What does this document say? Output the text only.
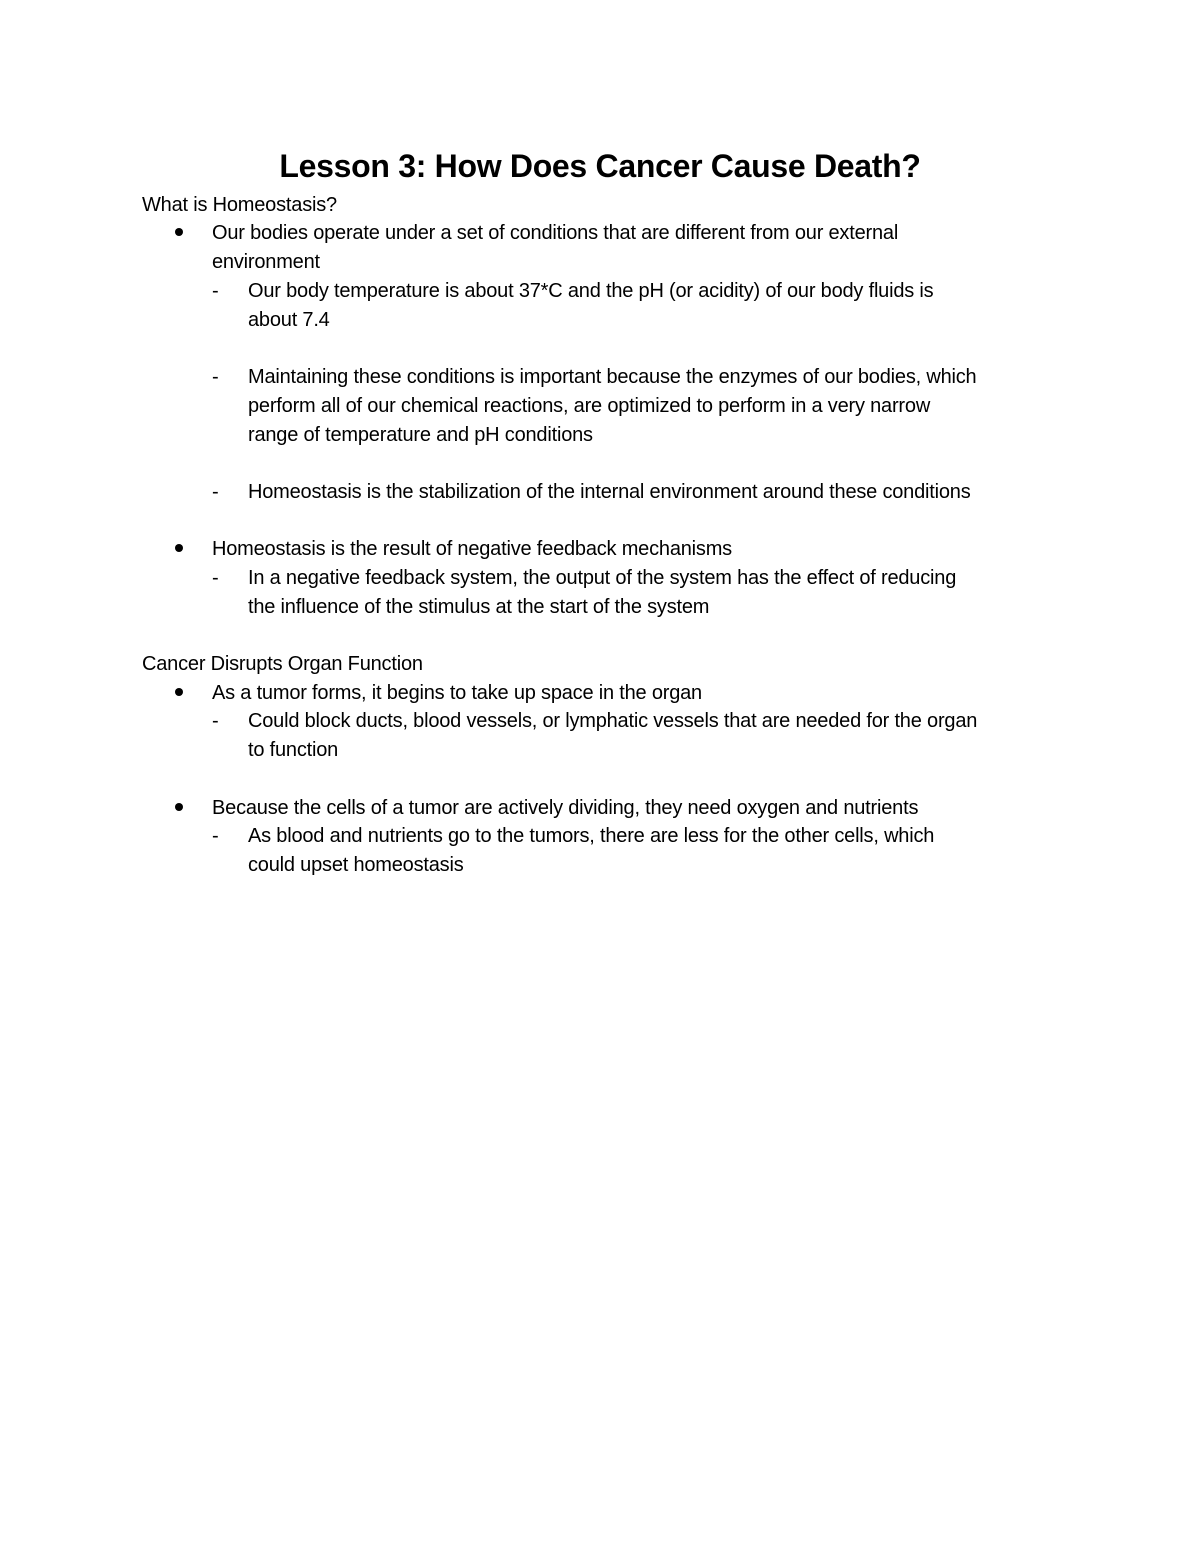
Lesson 3: How Does Cancer Cause Death?

What is Homeostasis?

Our bodies operate under a set of conditions that are different from our external

environment

- Our body temperature is about 37*C and the pH (or acidity) of our body fluids is

about 7.4

- Maintaining these conditions is important because the enzymes of our bodies, which

perform all of our chemical reactions, are optimized to perform in a very narrow

range of temperature and pH conditions

- Homeostasis is the stabilization of the internal environment around these conditions

Homeostasis is the result of negative feedback mechanisms

- In a negative feedback system, the output of the system has the effect of reducing

the influence of the stimulus at the start of the system

Cancer Disrupts Organ Function

As a tumor forms, it begins to take up space in the organ

- Could block ducts, blood vessels, or lymphatic vessels that are needed for the organ

to function

Because the cells of a tumor are actively dividing, they need oxygen and nutrients

- As blood and nutrients go to the tumors, there are less for the other cells, which

could upset homeostasis
